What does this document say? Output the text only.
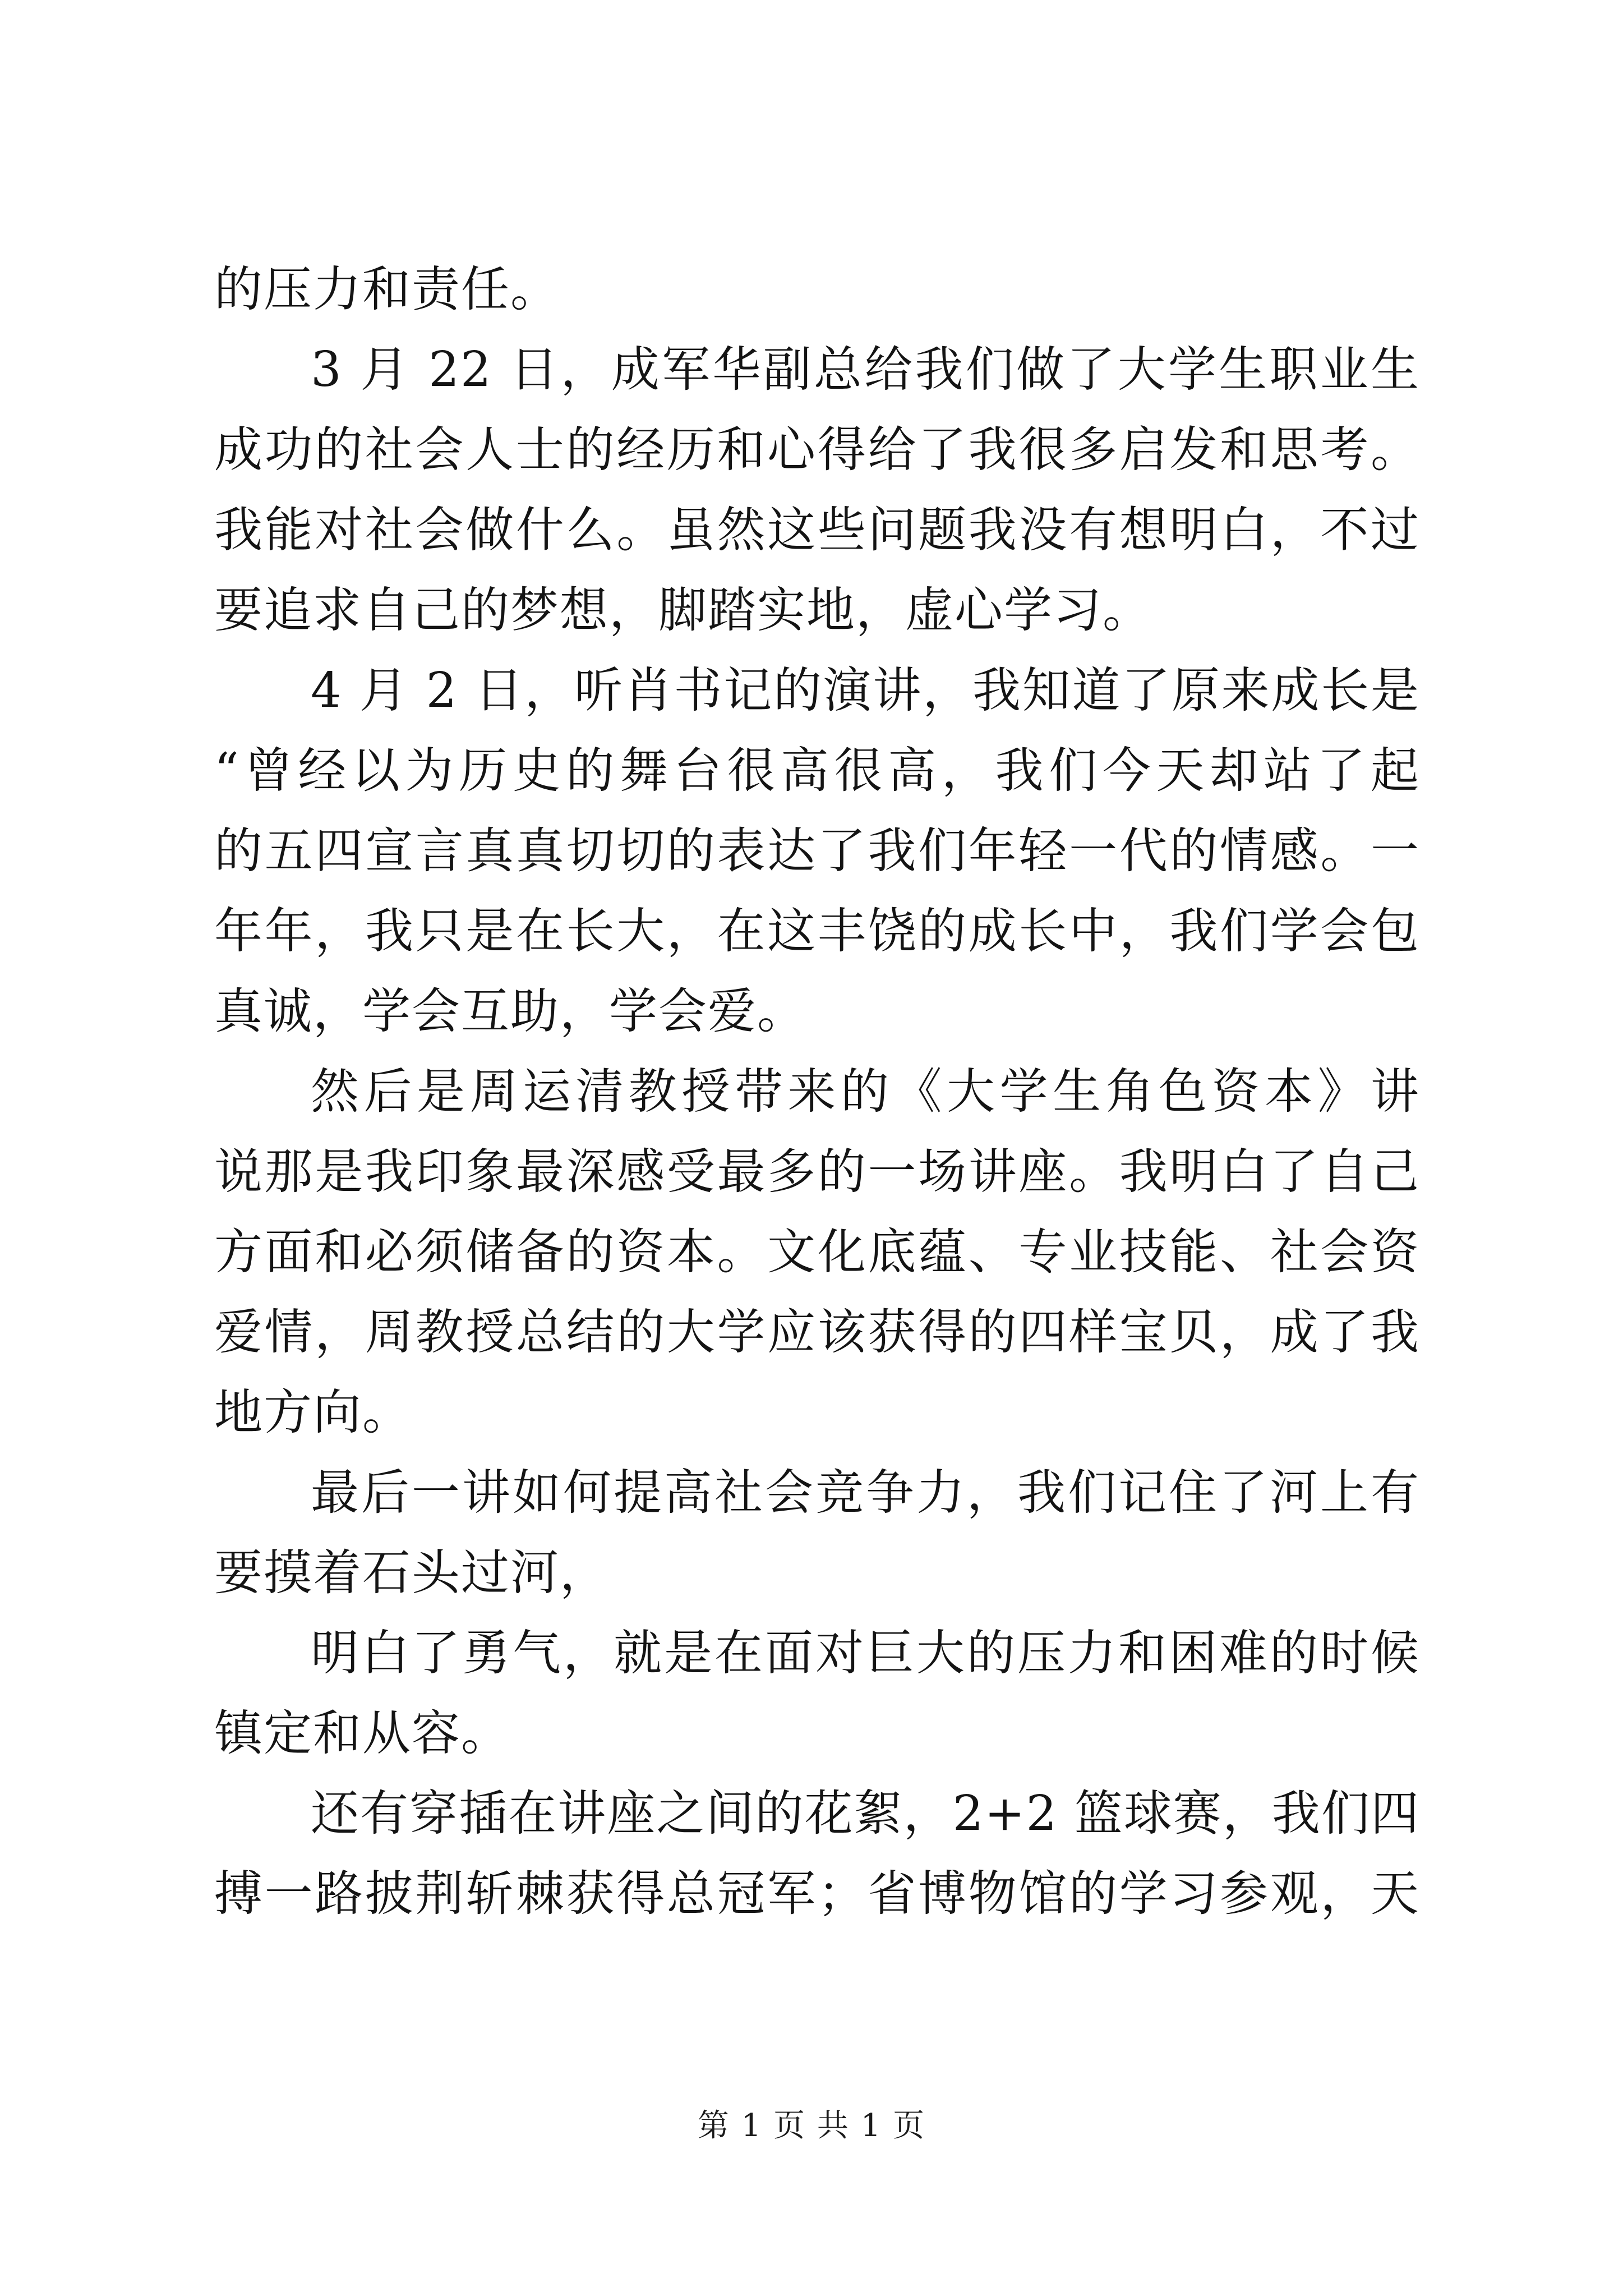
的压力和责任。
3 月 22 日，成军华副总给我们做了大学生职业生
成功的社会人士的经历和心得给了我很多启发和思考。
我能对社会做什么。虽然这些问题我没有想明白，不过
要追求自己的梦想，脚踏实地，虚心学习。
4 月 2 日，听肖书记的演讲，我知道了原来成长是
“曾经以为历史的舞台很高很高，我们今天却站了起
的五四宣言真真切切的表达了我们年轻一代的情感。一
年年，我只是在长大，在这丰饶的成长中，我们学会包
真诚，学会互助，学会爱。
然后是周运清教授带来的《大学生角色资本》讲
说那是我印象最深感受最多的一场讲座。我明白了自己
方面和必须储备的资本。文化底蕴、专业技能、社会资
爱情，周教授总结的大学应该获得的四样宝贝，成了我
地方向。
最后一讲如何提高社会竞争力，我们记住了河上有
要摸着石头过河，
明白了勇气，就是在面对巨大的压力和困难的时候
镇定和从容。
还有穿插在讲座之间的花絮，2+2 篮球赛，我们四
搏一路披荆斩棘获得总冠军；省博物馆的学习参观，天
第 1 页 共 1 页
